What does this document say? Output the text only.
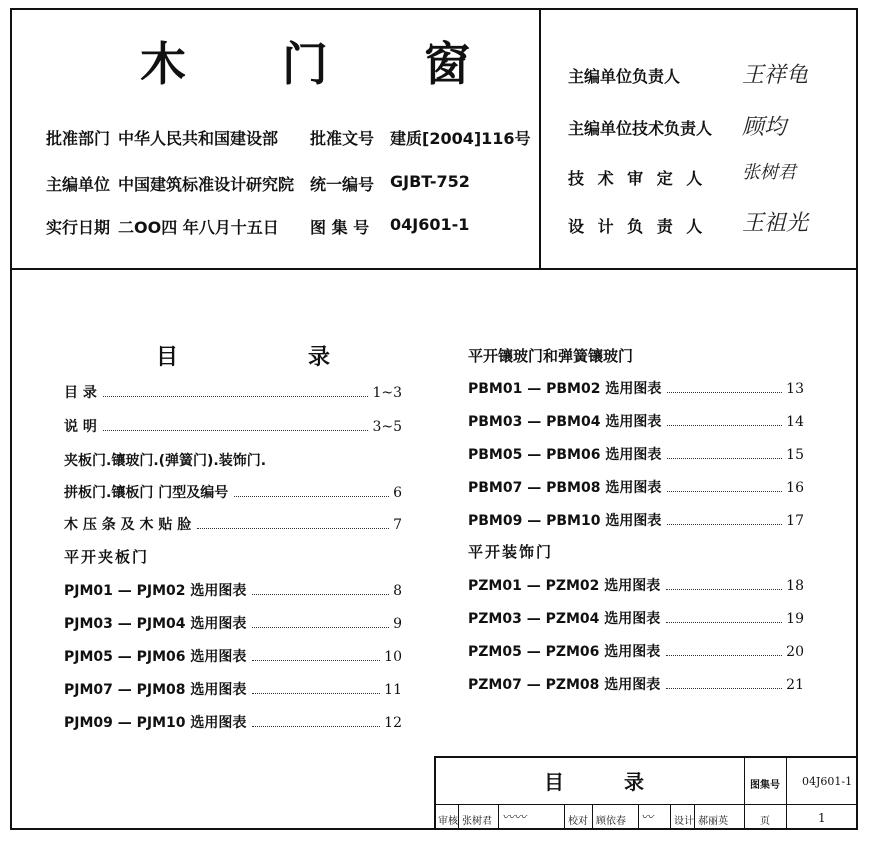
木 门 窗
批准部门 中华人民共和国建设部 批准文号 建质[2004]116号
主编单位 中国建筑标准设计研究院 统一编号 GJBT-752
实行日期 二OO四 年八月十五日 图 集 号 04J601-1
主编单位负责人	王祥龟
主编单位技术负责人 顾均
技 术 审 定 人 张树君
设 计 负 责 人 王祖光
目	录
目 录	1~3
说 明	3~5
夹板门.镶玻门.(弹簧门).装饰门.
拼板门.镶板门 门型及编号	6
木 压 条 及 木 贴 脸	7
平开夹板门
PJM01 — PJM02 选用图表	8
PJM03 — PJM04 选用图表	9
PJM05 — PJM06 选用图表	10
PJM07 — PJM08 选用图表	11
PJM09 — PJM10 选用图表	12
平开镶玻门和弹簧镶玻门
PBM01 — PBM02 选用图表	13
PBM03 — PBM04 选用图表	14
PBM05 — PBM06 选用图表	15
PBM07 — PBM08 选用图表	16
PBM09 — PBM10 选用图表	17
平开装饰门
PZM01 — PZM02 选用图表	18
PZM03 — PZM04 选用图表	19
PZM05 — PZM06 选用图表	20
PZM07 — PZM08 选用图表	21
目	录	图集号 04J601-1
审核 张树君 〰〰	校对 顾依春 〰 设计 郝丽英	页	1
